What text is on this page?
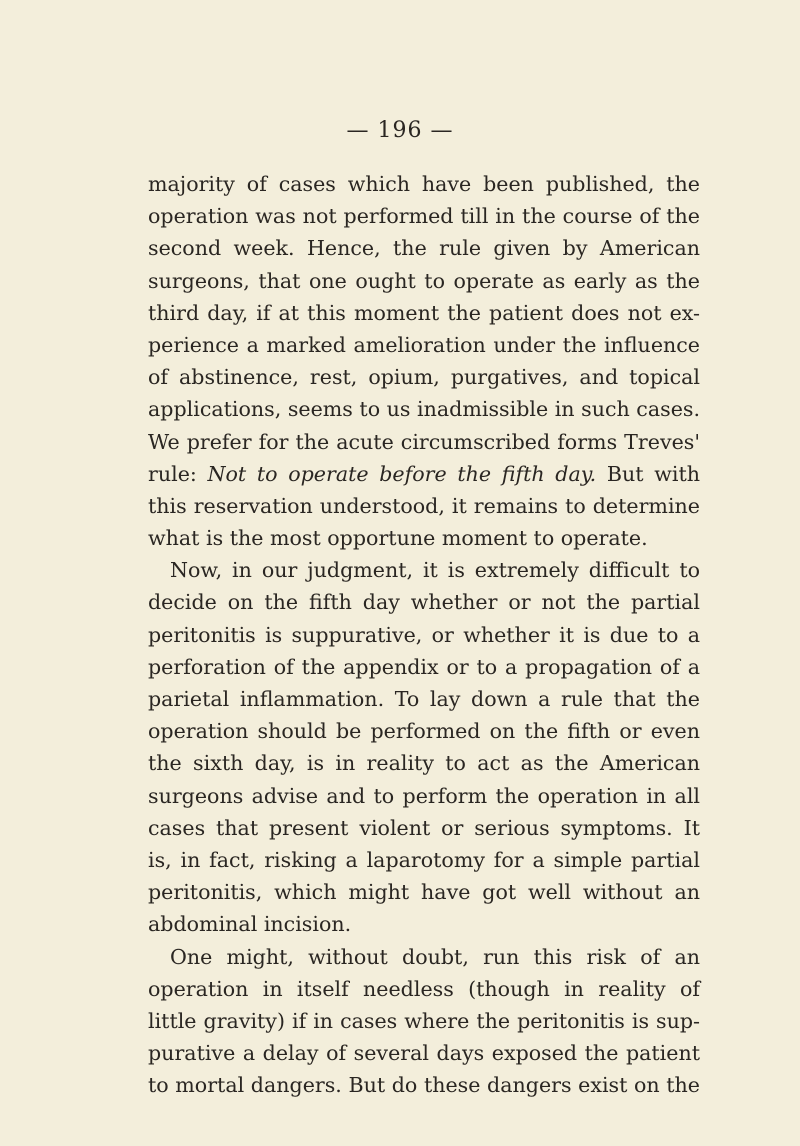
— 196 —
majority of cases which have been published, the
operation was not performed till in the course of the
second week. Hence, the rule given by American
surgeons, that one ought to operate as early as the
third day, if at this moment the patient does not ex-
perience a marked amelioration under the influence
of abstinence, rest, opium, purgatives, and topical
applications, seems to us inadmissible in such cases.
We prefer for the acute circumscribed forms Treves'
rule: Not to operate before the fifth day. But with
this reservation understood, it remains to determine
what is the most opportune moment to operate.
Now, in our judgment, it is extremely difficult to
decide on the fifth day whether or not the partial
peritonitis is suppurative, or whether it is due to a
perforation of the appendix or to a propagation of a
parietal inflammation. To lay down a rule that the
operation should be performed on the fifth or even
the sixth day, is in reality to act as the American
surgeons advise and to perform the operation in all
cases that present violent or serious symptoms. It
is, in fact, risking a laparotomy for a simple partial
peritonitis, which might have got well without an
abdominal incision.
One might, without doubt, run this risk of an
operation in itself needless (though in reality of
little gravity) if in cases where the peritonitis is sup-
purative a delay of several days exposed the patient
to mortal dangers. But do these dangers exist on the
